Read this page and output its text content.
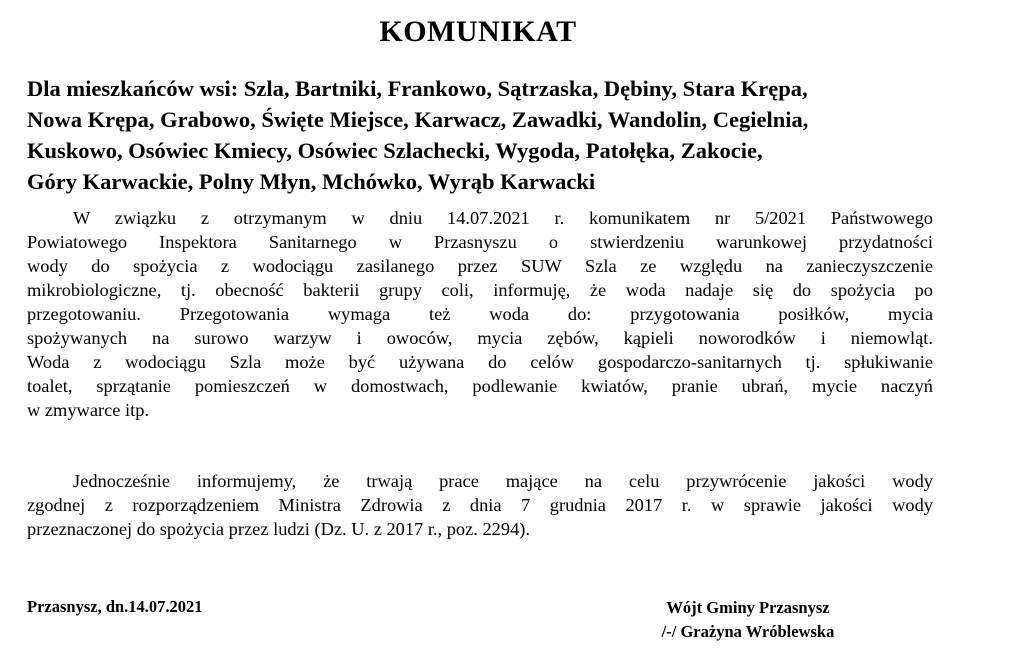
KOMUNIKAT
Dla mieszkańców wsi: Szla, Bartniki, Frankowo, Sątrzaska, Dębiny, Stara Krępa,
Nowa Krępa, Grabowo, Święte Miejsce, Karwacz, Zawadki, Wandolin, Cegielnia,
Kuskowo, Osówiec Kmiecy, Osówiec Szlachecki, Wygoda, Patołęka, Zakocie,
Góry Karwackie, Polny Młyn, Mchówko, Wyrąb Karwacki
W związku z otrzymanym w dniu 14.07.2021 r. komunikatem nr 5/2021 Państwowego
Powiatowego Inspektora Sanitarnego w Przasnyszu o stwierdzeniu warunkowej przydatności
wody do spożycia z wodociągu zasilanego przez SUW Szla ze względu na zanieczyszczenie
mikrobiologiczne, tj. obecność bakterii grupy coli, informuję, że woda nadaje się do spożycia po
przegotowaniu. Przegotowania wymaga też woda do: przygotowania posiłków, mycia
spożywanych na surowo warzyw i owoców, mycia zębów, kąpieli noworodków i niemowląt.
Woda z wodociągu Szla może być używana do celów gospodarczo-sanitarnych tj. spłukiwanie
toalet, sprzątanie pomieszczeń w domostwach, podlewanie kwiatów, pranie ubrań, mycie naczyń
w zmywarce itp.
Jednocześnie informujemy, że trwają prace mające na celu przywrócenie jakości wody
zgodnej z rozporządzeniem Ministra Zdrowia z dnia 7 grudnia 2017 r. w sprawie jakości wody
przeznaczonej do spożycia przez ludzi (Dz. U. z 2017 r., poz. 2294).
Przasnysz, dn.14.07.2021	Wójt Gminy Przasnysz
/-/ Grażyna Wróblewska
